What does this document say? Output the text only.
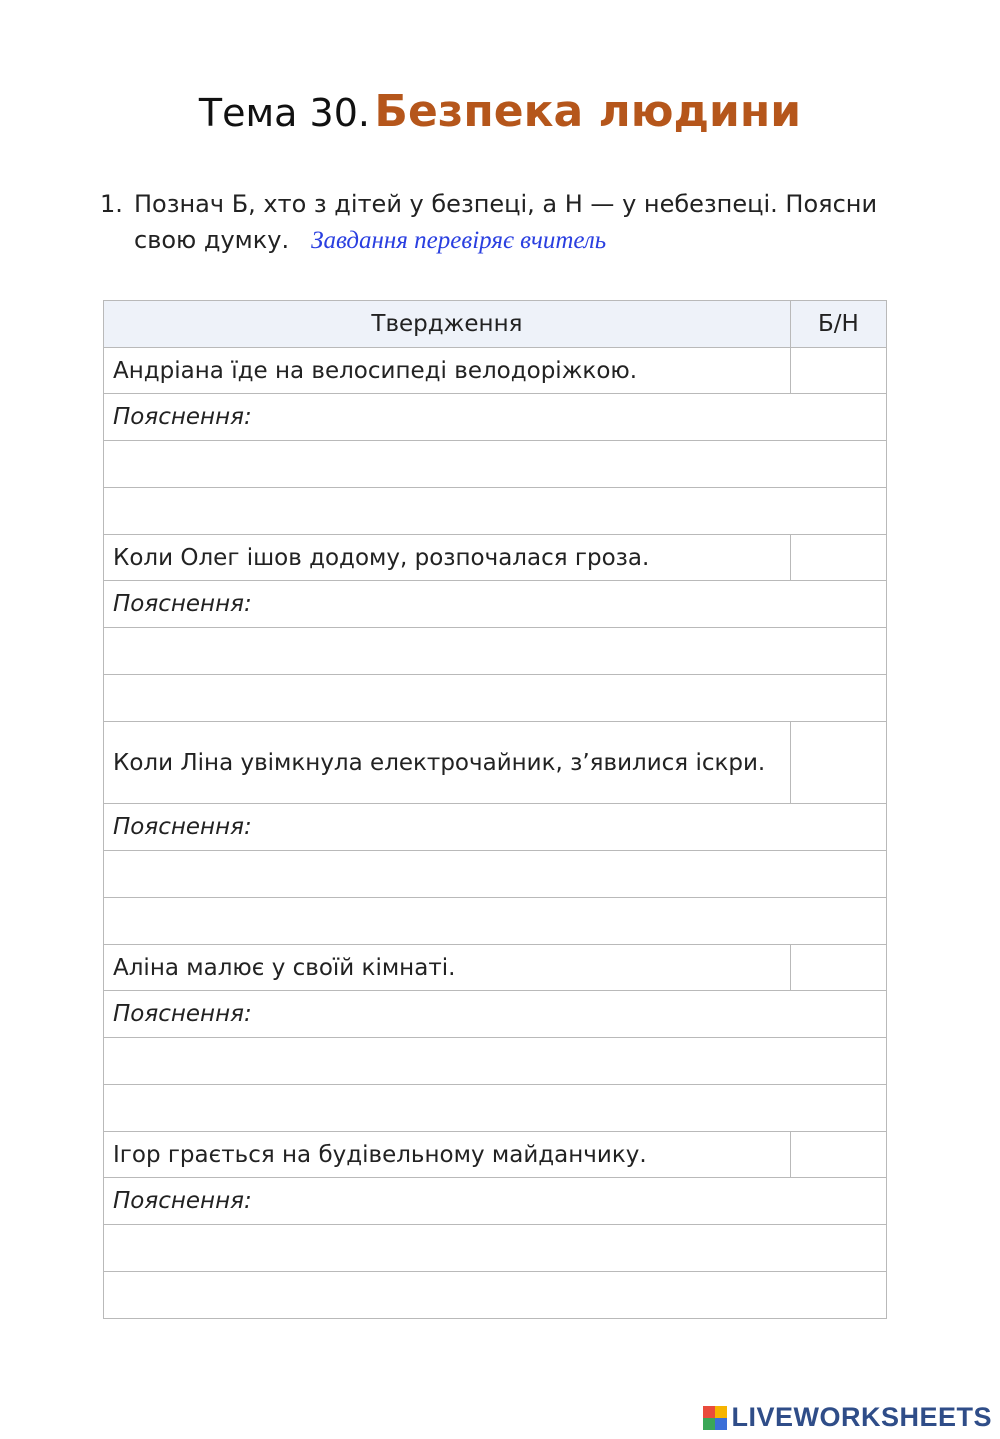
Тема 30. Безпека людини
1. Познач Б, хто з дітей у безпеці, а Н — у небезпеці. Поясни свою думку. Завдання перевіряє вчитель
Твердження	Б/Н
Андріана їде на велосипеді велодоріжкою.	
Пояснення:	

Коли Олег ішов додому, розпочалася гроза.	
Пояснення:	

Коли Ліна увімкнула електрочайник, з’явилися іскри.	
Пояснення:	

Аліна малює у своїй кімнаті.	
Пояснення:	

Ігор грається на будівельному майданчику.	
Пояснення:	

LIVEWORKSHEETS
